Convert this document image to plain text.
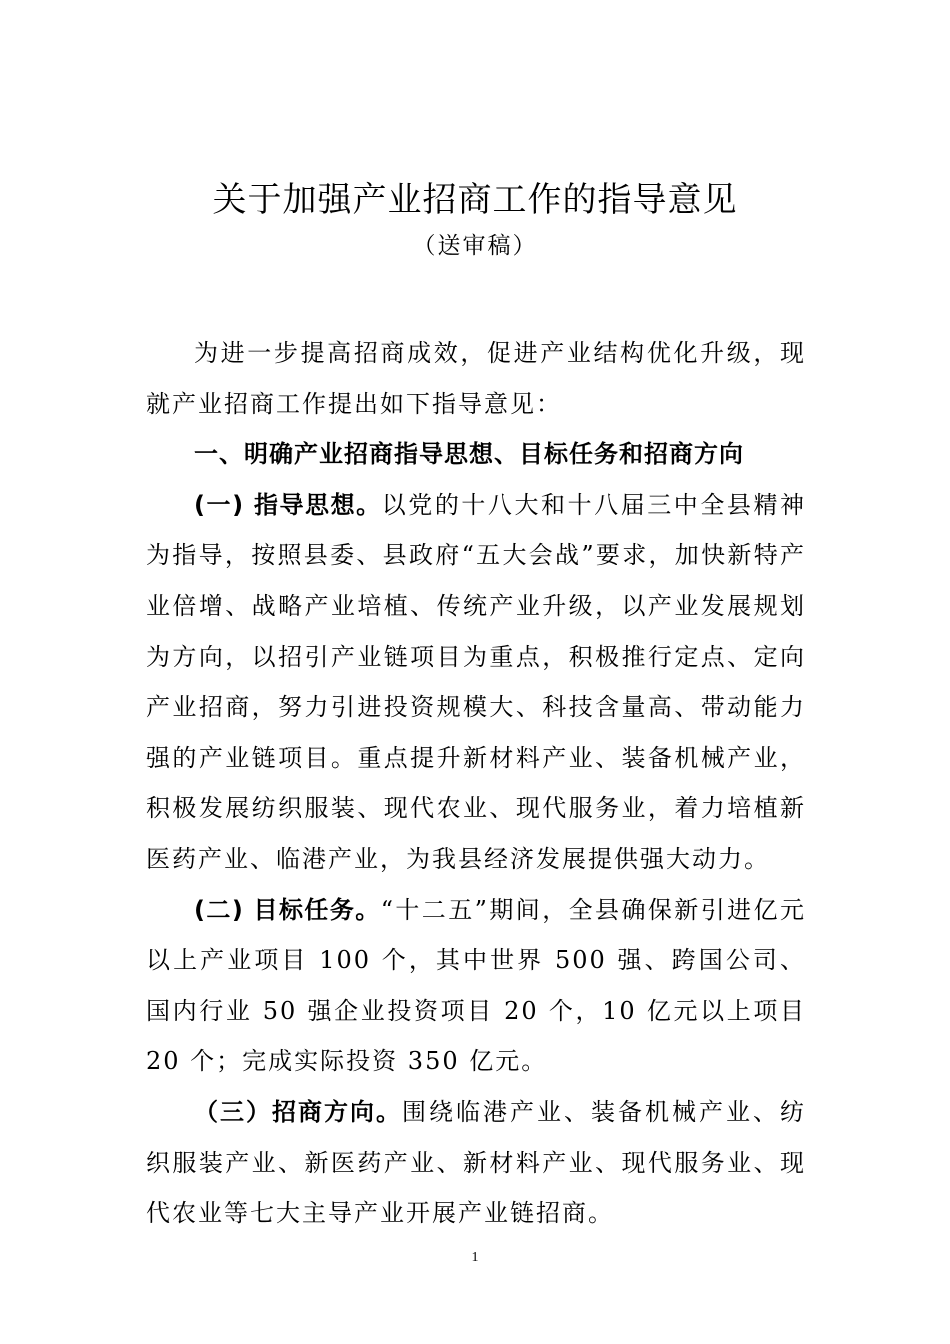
关于加强产业招商工作的指导意见
（送审稿）

为进一步提高招商成效，促进产业结构优化升级，现就产业招商工作提出如下指导意见：

一、明确产业招商指导思想、目标任务和招商方向

(一) 指导思想。以党的十八大和十八届三中全县精神为指导，按照县委、县政府“五大会战”要求，加快新特产业倍增、战略产业培植、传统产业升级，以产业发展规划为方向，以招引产业链项目为重点，积极推行定点、定向产业招商，努力引进投资规模大、科技含量高、带动能力强的产业链项目。重点提升新材料产业、装备机械产业，积极发展纺织服装、现代农业、现代服务业，着力培植新医药产业、临港产业，为我县经济发展提供强大动力。

(二) 目标任务。“十二五”期间，全县确保新引进亿元以上产业项目 100 个，其中世界 500 强、跨国公司、国内行业 50 强企业投资项目 20 个，10 亿元以上项目 20 个；完成实际投资 350 亿元。

（三）招商方向。围绕临港产业、装备机械产业、纺织服装产业、新医药产业、新材料产业、现代服务业、现代农业等七大主导产业开展产业链招商。

1
